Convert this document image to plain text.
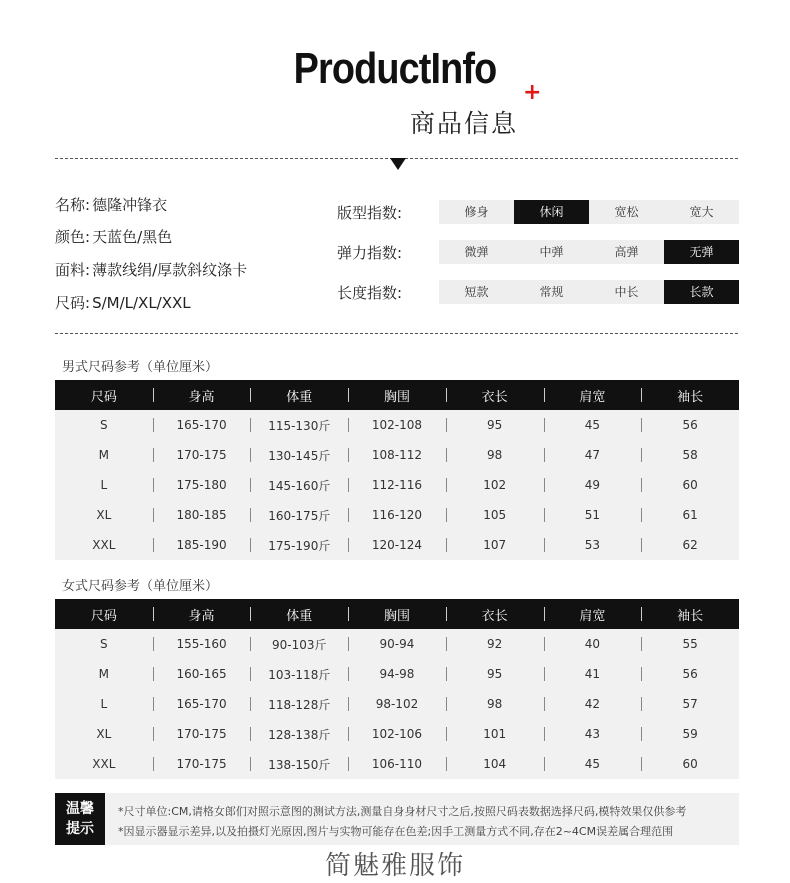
ProductInfo
商品信息
+
名称: 德隆冲锋衣
颜色: 天蓝色/黑色
面料: 薄款线绢/厚款斜纹涤卡
尺码: S/M/L/XL/XXL
版型指数:	修身	休闲	宽松	宽大
弹力指数:	微弹	中弹	高弹	无弹
长度指数:	短款	常规	中长	长款
男式尺码参考（单位厘米）
尺码	身高	体重	胸围	衣长	肩宽	袖长

S	165-170	115-130斤	102-108	95	45	56

M	170-175	130-145斤	108-112	98	47	58

L	175-180	145-160斤	112-116	102	49	60

XL	180-185	160-175斤	116-120	105	51	61

XXL	185-190	175-190斤	120-124	107	53	62
女式尺码参考（单位厘米）
尺码	身高	体重	胸围	衣长	肩宽	袖长

S	155-160	90-103斤	90-94	92	40	55

M	160-165	103-118斤	94-98	95	41	56

L	165-170	118-128斤	98-102	98	42	57

XL	170-175	128-138斤	102-106	101	43	59

XXL	170-175	138-150斤	106-110	104	45	60
温馨
提示
*尺寸单位:CM,请格女郎们对照示意图的测试方法,测量自身身材尺寸之后,按照尺码表数据选择尺码,模特效果仅供参考
*因显示器显示差异,以及拍摄灯光原因,图片与实物可能存在色差;因手工测量方式不同,存在2~4CM误差属合理范围
简魅雅服饰
